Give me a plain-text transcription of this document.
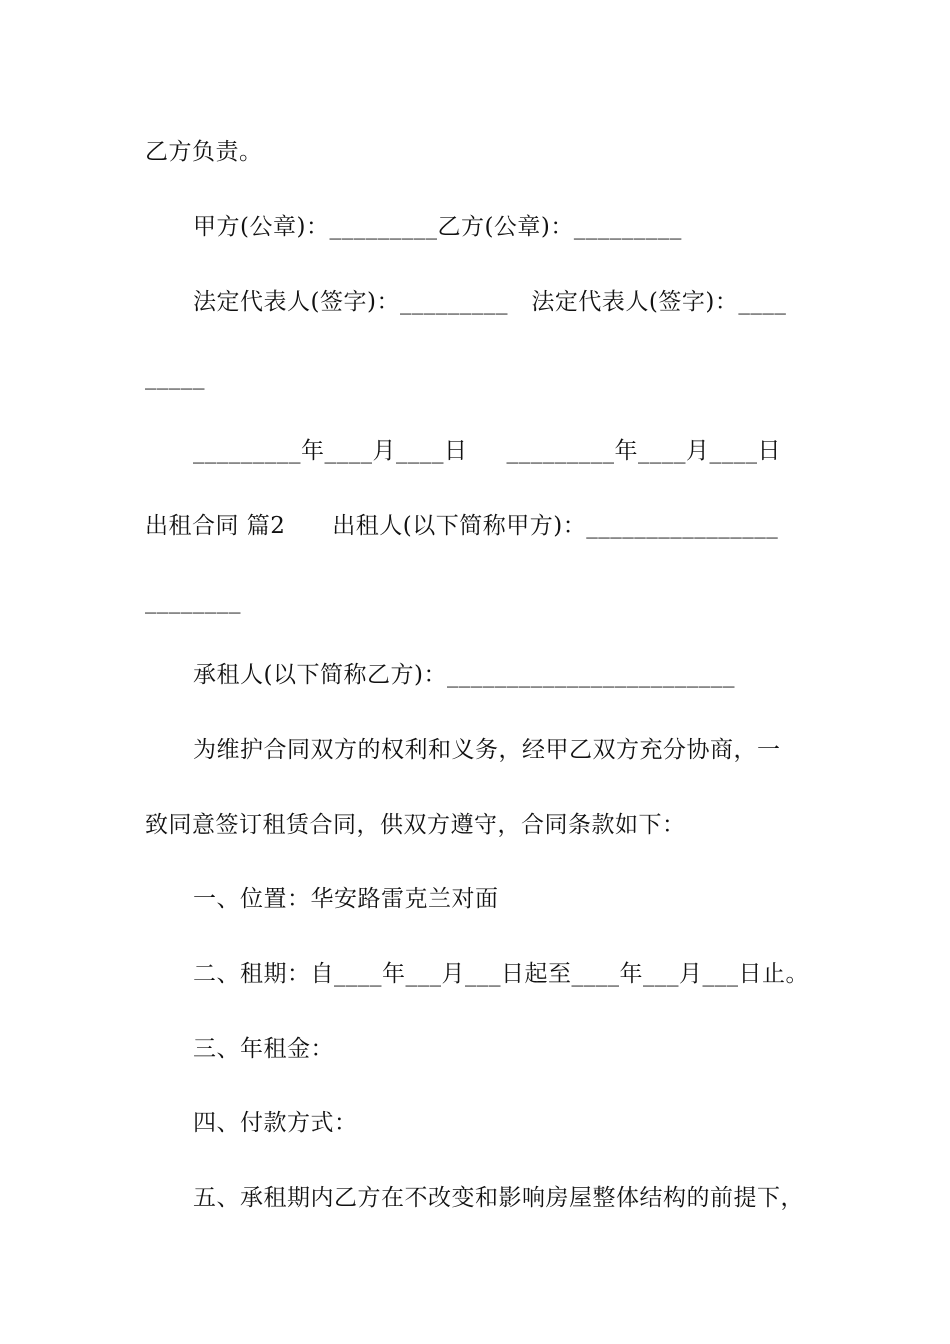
乙方负责。
甲方(公章)：_________乙方(公章)：_________
法定代表人(签字)：_________   法定代表人(签字)：____
_____
_________年____月____日     _________年____月____日
出租合同 篇2      出租人(以下简称甲方)：________________
________
承租人(以下简称乙方)：________________________
为维护合同双方的权利和义务，经甲乙双方充分协商，一
致同意签订租赁合同，供双方遵守，合同条款如下：
一、位置：华安路雷克兰对面
二、租期：自____年___月___日起至____年___月___日止。
三、年租金：
四、付款方式：
五、承租期内乙方在不改变和影响房屋整体结构的前提下，
